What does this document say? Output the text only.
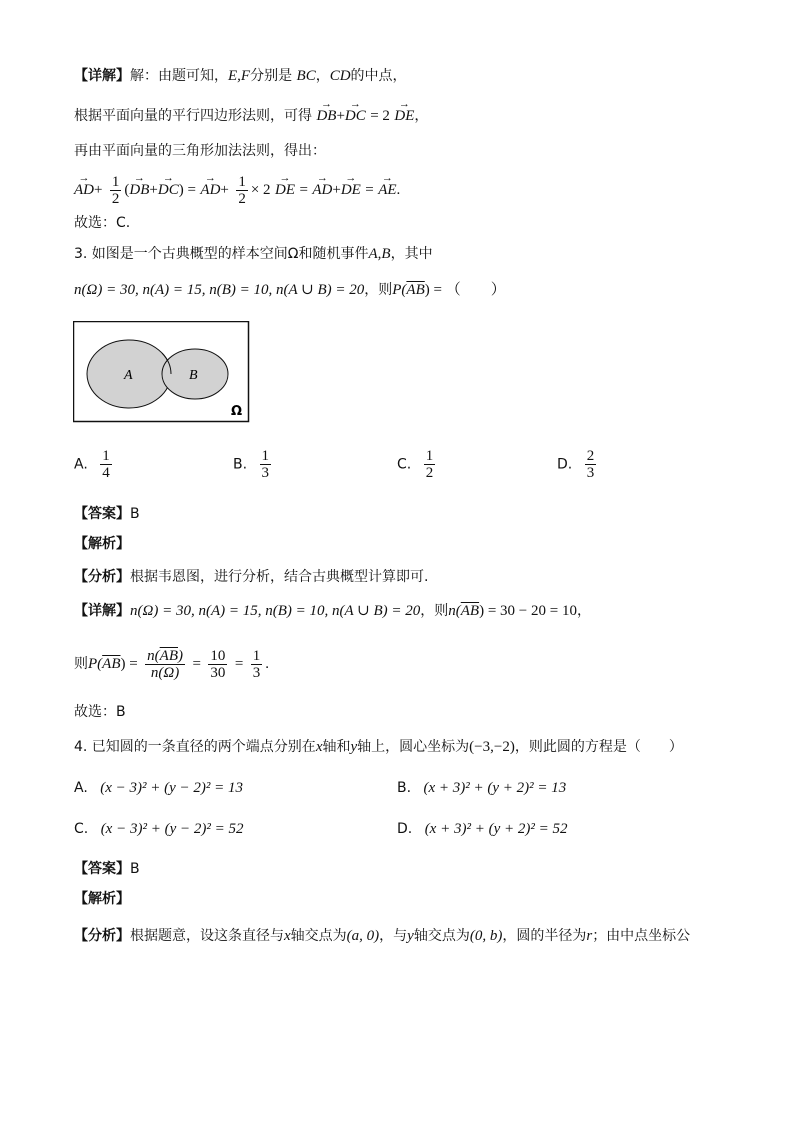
【详解】解：由题可知，E,F分别是 BC，CD的中点，
根据平面向量的平行四边形法则，可得 → DB+→ DC = 2 → DE，
再由平面向量的三角形加法法则，得出：
→ $AD+ \frac{1}{2}$ (→ DB+→ DC) = → $AD+ \frac{1}{2} \times 2$ → DE = → AD+→ DE = → AE.
故选：C.
3. 如图是一个古典概型的样本空间Ω和随机事件A,B，其中
n(Ω) = 30, n(A) = 15, n(B) = 10, n(A ∪ B) = 20，则$P(\overline{AB})$ = （　　）
A	B
Ω
A. $\frac{1}{4}$	B. $\frac{1}{3}$	C. $\frac{1}{2}$	D. $\frac{2}{3}$
【答案】B
【解析】
【分析】根据韦恩图，进行分析，结合古典概型计算即可.
【详解】n(Ω) = 30, n(A) = 15, n(B) = 10, n(A ∪ B) = 20，则$n(\overline{AB}) = 30 - 20 = 10$，
则$P(\overline{AB}) = \frac{n(\overline{AB})}{n(\Omega)} = \frac{10}{30} = \frac{1}{3}$ .
故选：B
4. 已知圆的一条直径的两个端点分别在x轴和y轴上，圆心坐标为(−3,−2)，则此圆的方程是（　　）
A. (x − 3)² + (y − 2)² = 13	B. (x + 3)² + (y + 2)² = 13
C. (x − 3)² + (y − 2)² = 52	D. (x + 3)² + (y + 2)² = 52
【答案】B
【解析】
【分析】根据题意，设这条直径与x轴交点为(a, 0)，与y轴交点为(0, b)，圆的半径为r；由中点坐标公
